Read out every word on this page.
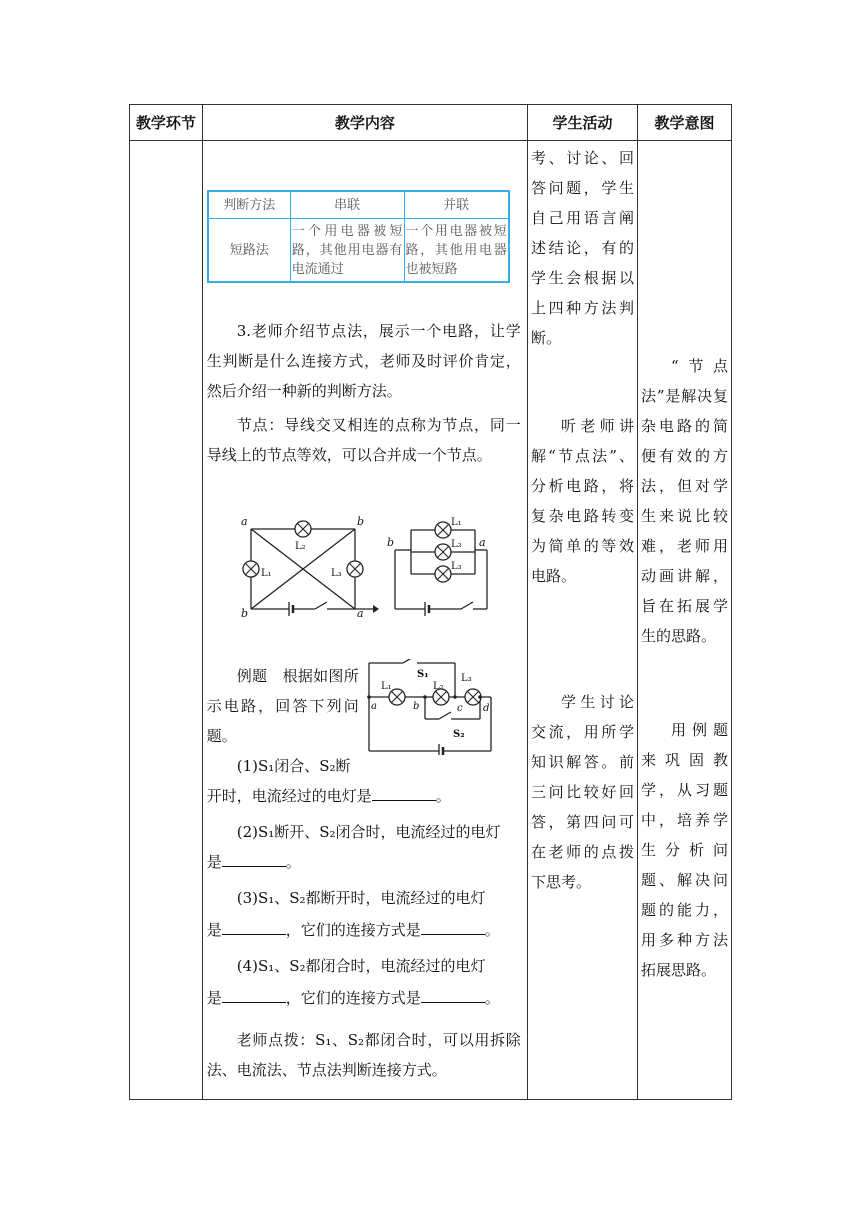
教学环节	教学内容	学生活动	教学意图

判断方法	串联	并联
短路法	一个用电器被短路，其他用电器有电流通过	一个用电器被短路，其他用电器也被短路
3.老师介绍节点法，展示一个电路，让学生判断是什么连接方式，老师及时评价肯定，然后介绍一种新的判断方法。
节点：导线交叉相连的点称为节点，同一导线上的节点等效，可以合并成一个节点。
a	b
b	a
b	a
L₂
L₁	L₃
L₁
L₂
L₃
例题　根据如图所示电路，回答下列问题。
L₁	L₂
L₃
S₁
S₂
a	b	c d
(1)S₁闭合、S₂断
开时，电流经过的电灯是	。
(2)S₁断开、S₂闭合时，电流经过的电灯
是	。
(3)S₁、S₂都断开时，电流经过的电灯
是	，它们的连接方式是	。
(4)S₁、S₂都闭合时，电流经过的电灯
是	，它们的连接方式是	。
老师点拨：S₁、S₂都闭合时，可以用拆除法、电流法、节点法判断连接方式。

考、讨论、回答问题，学生自己用语言阐述结论，有的学生会根据以上四种方法判断。
听老师讲解“节点法”、分析电路，将复杂电路转变为简单的等效电路。
学生讨论交流，用所学知识解答。前三问比较好回答，第四问可在老师的点拨下思考。

“节点法”是解决复杂电路的简便有效的方法，但对学生来说比较难，老师用动画讲解，旨在拓展学生的思路。
用例题来巩固教学，从习题中，培养学生分析问题、解决问题的能力，用多种方法拓展思路。
